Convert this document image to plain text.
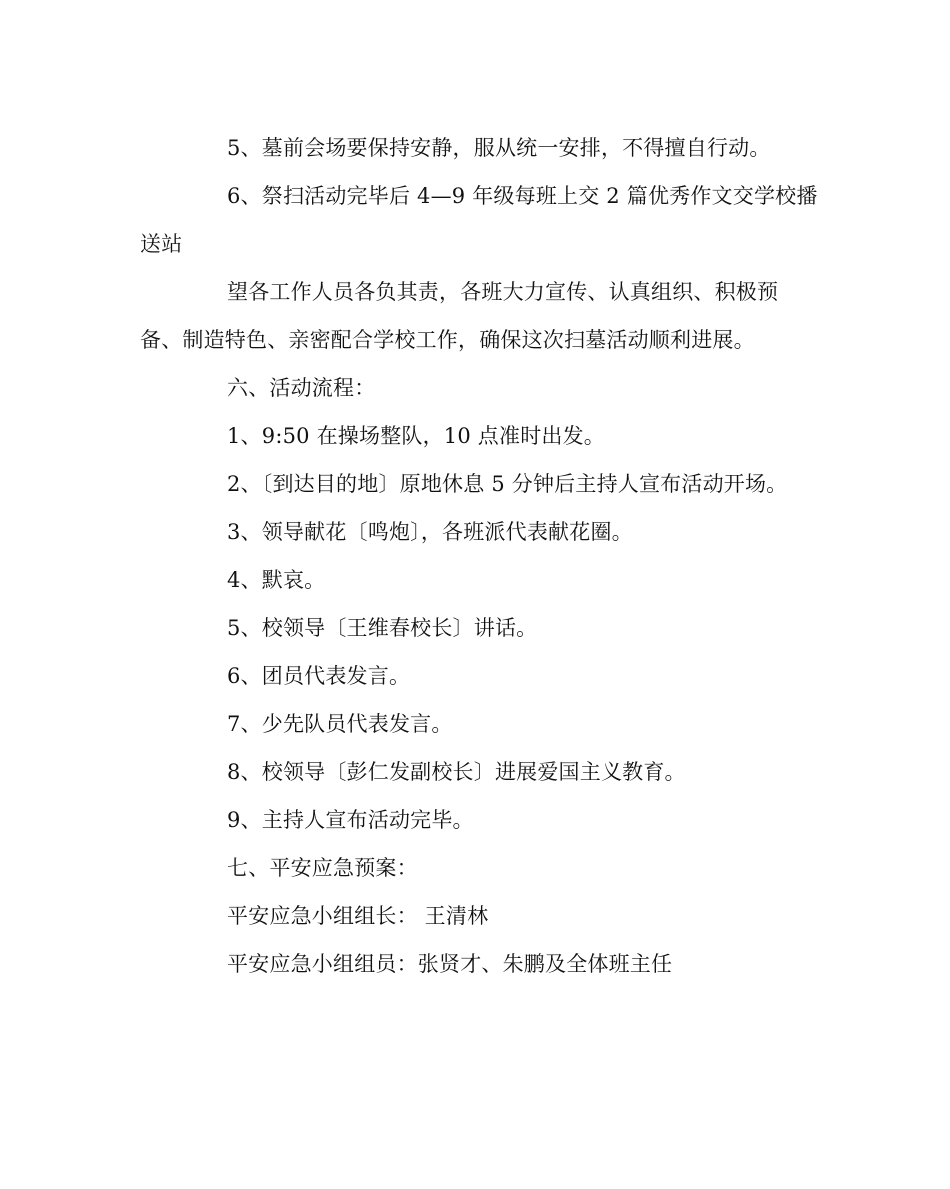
5、墓前会场要保持安静，服从统一安排，不得擅自行动。
6、祭扫活动完毕后 4—9 年级每班上交 2 篇优秀作文交学校播
送站
望各工作人员各负其责，各班大力宣传、认真组织、积极预
备、制造特色、亲密配合学校工作，确保这次扫墓活动顺利进展。
六、活动流程：
1、9:50 在操场整队，10 点准时出发。
2、〔到达目的地〕原地休息 5 分钟后主持人宣布活动开场。
3、领导献花〔鸣炮〕，各班派代表献花圈。
4、默哀。
5、校领导〔王维春校长〕讲话。
6、团员代表发言。
7、少先队员代表发言。
8、校领导〔彭仁发副校长〕进展爱国主义教育。
9、主持人宣布活动完毕。
七、平安应急预案：
平安应急小组组长： 王清林
平安应急小组组员：张贤才、朱鹏及全体班主任
